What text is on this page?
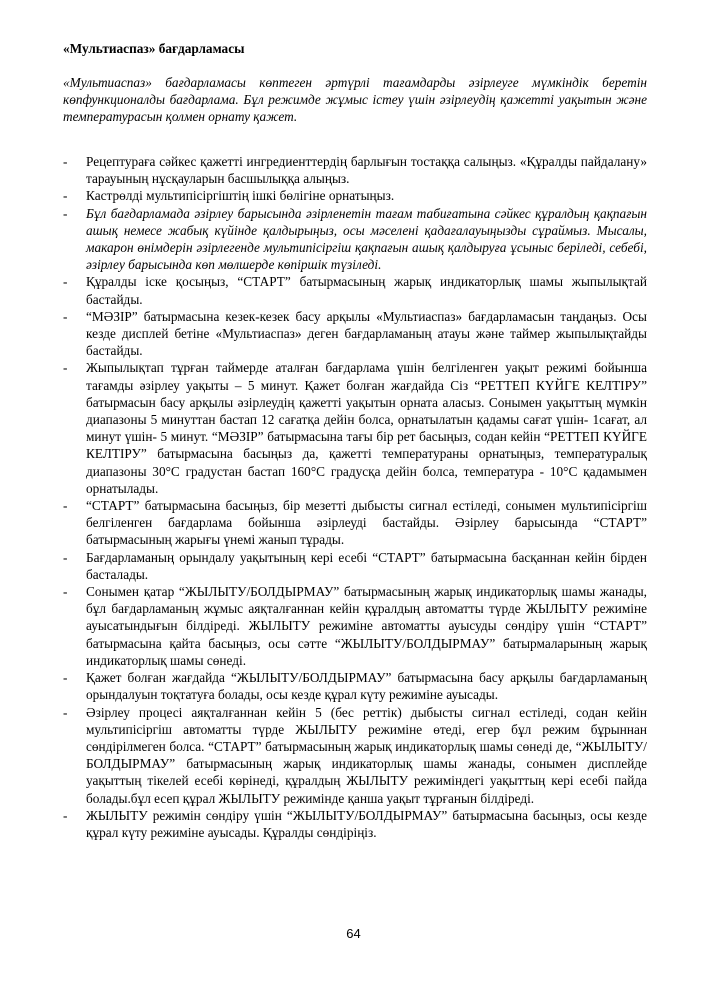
«Мультиаспаз» бағдарламасы

«Мультиаспаз» бағдарламасы көптеген әртүрлі тағамдарды әзірлеуге мүмкіндік беретін көпфункционалды бағдарлама. Бұл режимде жұмыс істеу үшін әзірлеудің қажетті уақытын және температурасын қолмен орнату қажет.

- Рецептураға сәйкес қажетті ингредиенттердің барлығын тостаққа салыңыз. «Құралды пайдалану» тарауының нұсқауларын басшылыққа алыңыз.
- Кастрөлді мультипісіргіштің ішкі бөлігіне орнатыңыз.
- Бұл бағдарламада әзірлеу барысында әзірленетін тағам табиғатына сәйкес құралдың қақпағын ашық немесе жабық күйінде қалдырыңыз, осы мәселені қадағалауыңызды сұраймыз. Мысалы, макарон өнімдерін әзірлегенде мультипісіргіш қақпағын ашық қалдыруға ұсыныс беріледі, себебі, әзірлеу барысында көп мөлшерде көпіршік түзіледі.
- Құралды іске қосыңыз, “СТАРТ” батырмасының жарық индикаторлық шамы жыпылықтай бастайды.
- “МӘЗІР” батырмасына кезек-кезек басу арқылы «Мультиаспаз» бағдарламасын таңдаңыз. Осы кезде дисплей бетіне «Мультиаспаз» деген бағдарламаның атауы және таймер жыпылықтайды бастайды.
- Жыпылықтап тұрған таймерде аталған бағдарлама үшін белгіленген уақыт режимі бойынша тағамды әзірлеу уақыты – 5 минут. Қажет болған жағдайда Сіз “РЕТТЕП КҮЙГЕ КЕЛТІРУ” батырмасын басу арқылы әзірлеудің қажетті уақытын орната аласыз. Сонымен уақыттың мүмкін диапазоны 5 минуттан бастап 12 сағатқа дейін болса, орнатылатын қадамы сағат үшін- 1сағат, ал минут үшін- 5 минут. “МӘЗІР” батырмасына тағы бір рет басыңыз, содан кейін “РЕТТЕП КҮЙГЕ КЕЛТІРУ” батырмасына басыңыз да, қажетті температураны орнатыңыз, температуралық диапазоны 30°С градустан бастап 160°С градусқа дейін болса, температура - 10°С қадамымен орнатылады.
- “СТАРТ” батырмасына басыңыз, бір мезетті дыбысты сигнал естіледі, сонымен мультипісіргіш белгіленген бағдарлама бойынша әзірлеуді бастайды. Әзірлеу барысында “СТАРТ” батырмасының жарығы үнемі жанып тұрады.
- Бағдарламаның орындалу уақытының кері есебі “СТАРТ” батырмасына басқаннан кейін бірден басталады.
- Сонымен қатар “ЖЫЛЫТУ/БОЛДЫРМАУ” батырмасының жарық индикаторлық шамы жанады, бұл бағдарламаның жұмыс аяқталғаннан кейін құралдың автоматты түрде ЖЫЛЫТУ режиміне ауысатындығын білдіреді. ЖЫЛЫТУ режиміне автоматты ауысуды сөндіру үшін “СТАРТ” батырмасына қайта басыңыз, осы сәтте “ЖЫЛЫТУ/БОЛДЫРМАУ” батырмаларының жарық индикаторлық шамы сөнеді.
- Қажет болған жағдайда “ЖЫЛЫТУ/БОЛДЫРМАУ” батырмасына басу арқылы бағдарламаның орындалуын тоқтатуға болады, осы кезде құрал күту режиміне ауысады.
- Әзірлеу процесі аяқталғаннан кейін 5 (бес реттік) дыбысты сигнал естіледі, содан кейін мультипісіргіш автоматты түрде ЖЫЛЫТУ режиміне өтеді, егер бұл режим бұрыннан сөндірілмеген болса. “СТАРТ” батырмасының жарық индикаторлық шамы сөнеді де, “ЖЫЛЫТУ/БОЛДЫРМАУ” батырмасының жарық индикаторлық шамы жанады, сонымен дисплейде уақыттың тікелей есебі көрінеді, құралдың ЖЫЛЫТУ режиміндегі уақыттың кері есебі пайда болады.бұл есеп құрал ЖЫЛЫТУ режимінде қанша уақыт тұрғанын білдіреді.
- ЖЫЛЫТУ режимін сөндіру үшін “ЖЫЛЫТУ/БОЛДЫРМАУ” батырмасына басыңыз, осы кезде құрал күту режиміне ауысады. Құралды сөндіріңіз.
64
